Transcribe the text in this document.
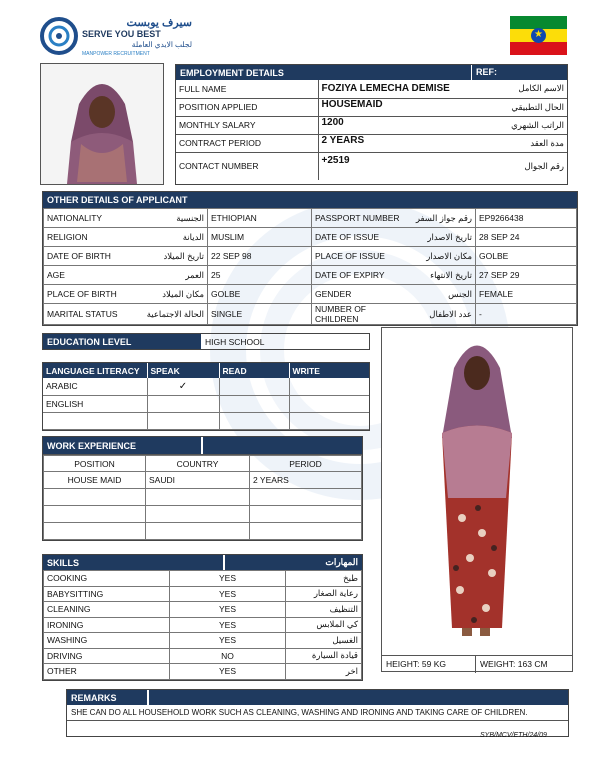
سيرف يوبست
SERVE YOU BEST
لجلب الايدي العاملة
MANPOWER RECRUITMENT
★
EMPLOYMENT DETAILS	REF:
FULL NAME	FOZIYA LEMECHA DEMISE	الاسم الكامل
POSITION APPLIED	HOUSEMAID	الحال التطبيقي
MONTHLY SALARY	1200	الراتب الشهري
CONTRACT PERIOD	2 YEARS	مدة العقد
CONTACT NUMBER	+2519	رقم الجوال
OTHER DETAILS OF APPLICANT
NATIONALITY	الجنسية	ETHIOPIAN	PASSPORT NUMBER	رقم جواز السفر	EP9266438
RELIGION	الديانة	MUSLIM	DATE OF ISSUE	تاريخ الاصدار	28 SEP 24
DATE OF BIRTH	تاريخ الميلاد	22 SEP 98	PLACE OF ISSUE	مكان الاصدار	GOLBE
AGE	العمر	25	DATE OF EXPIRY	تاريخ الانتهاء	27 SEP 29
PLACE OF BIRTH	مكان الميلاد	GOLBE	GENDER	الجنس	FEMALE
MARITAL STATUS	الحالة الاجتماعية	SINGLE	NUMBER OF CHILDREN	عدد الاطفال	-
EDUCATION LEVEL	HIGH SCHOOL
LANGUAGE LITERACY	SPEAK	READ	WRITE
ARABIC	✓		
ENGLISH			

WORK EXPERIENCE
POSITION	COUNTRY	PERIOD
HOUSE MAID	SAUDI	2 YEARS

SKILLS	المهارات
COOKING	YES	طبخ
BABYSITTING	YES	رعاية الصغار
CLEANING	YES	التنظيف
IRONING	YES	كي الملابس
WASHING	YES	الغسيل
DRIVING	NO	قيادة السيارة
OTHER	YES	اخر
HEIGHT: 59 KG	WEIGHT: 163 CM
REMARKS
SHE CAN DO ALL HOUSEHOLD WORK SUCH AS CLEANING, WASHING AND IRONING AND TAKING CARE OF CHILDREN.
SYB/MCV/ETH/24/09
